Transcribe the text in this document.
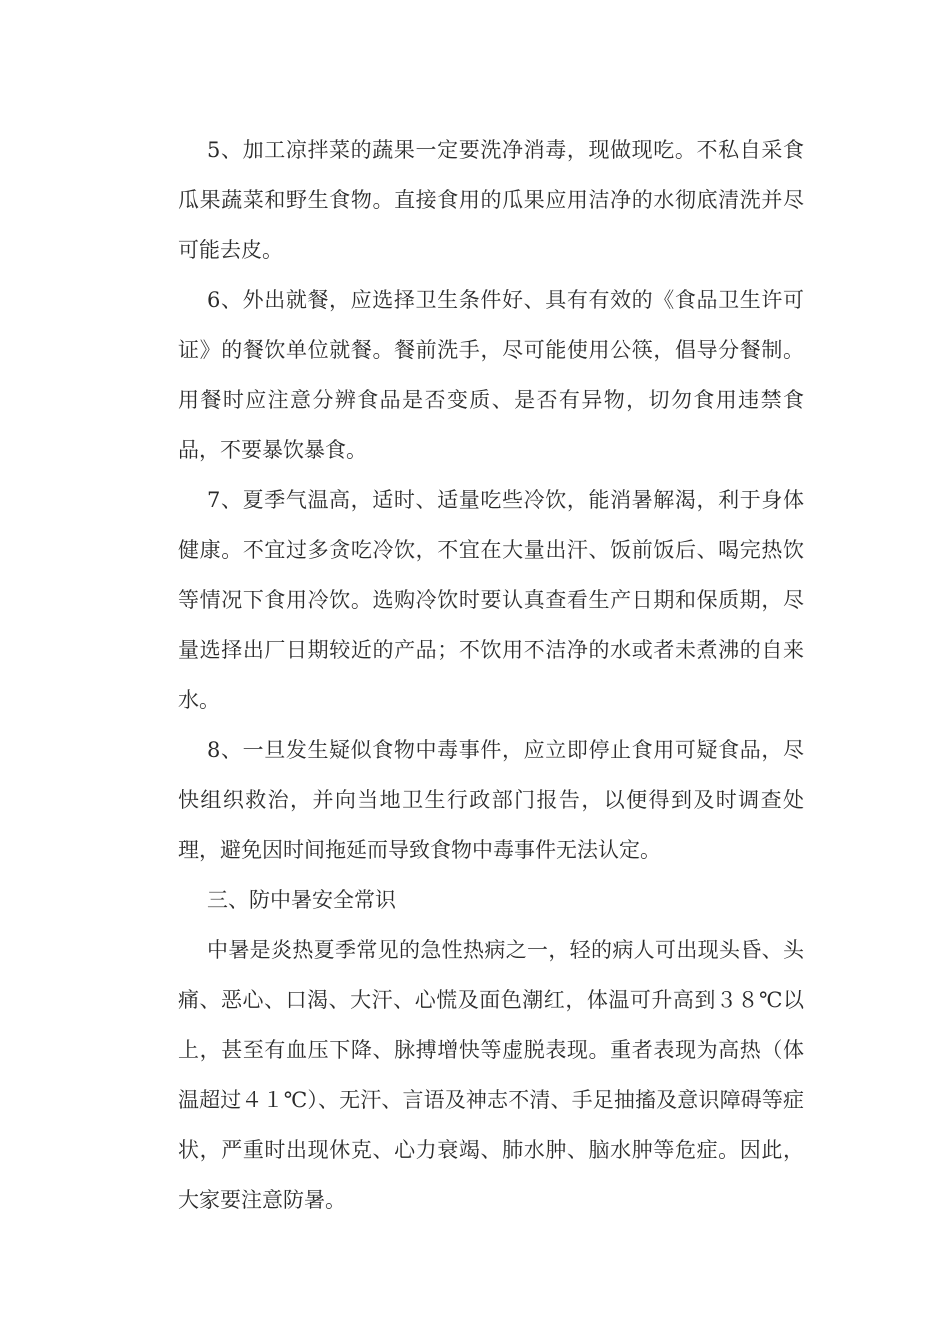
5、加工凉拌菜的蔬果一定要洗净消毒，现做现吃。不私自采食瓜果蔬菜和野生食物。直接食用的瓜果应用洁净的水彻底清洗并尽可能去皮。

6、外出就餐，应选择卫生条件好、具有有效的《食品卫生许可证》的餐饮单位就餐。餐前洗手，尽可能使用公筷，倡导分餐制。用餐时应注意分辨食品是否变质、是否有异物，切勿食用违禁食品，不要暴饮暴食。

7、夏季气温高，适时、适量吃些冷饮，能消暑解渴，利于身体健康。不宜过多贪吃冷饮，不宜在大量出汗、饭前饭后、喝完热饮等情况下食用冷饮。选购冷饮时要认真查看生产日期和保质期，尽量选择出厂日期较近的产品；不饮用不洁净的水或者未煮沸的自来水。

8、一旦发生疑似食物中毒事件，应立即停止食用可疑食品，尽快组织救治，并向当地卫生行政部门报告，以便得到及时调查处理，避免因时间拖延而导致食物中毒事件无法认定。

三、防中暑安全常识

中暑是炎热夏季常见的急性热病之一，轻的病人可出现头昏、头痛、恶心、口渴、大汗、心慌及面色潮红，体温可升高到３８℃以上，甚至有血压下降、脉搏增快等虚脱表现。重者表现为高热（体温超过４１℃）、无汗、言语及神志不清、手足抽搐及意识障碍等症状，严重时出现休克、心力衰竭、肺水肿、脑水肿等危症。因此，大家要注意防暑。
